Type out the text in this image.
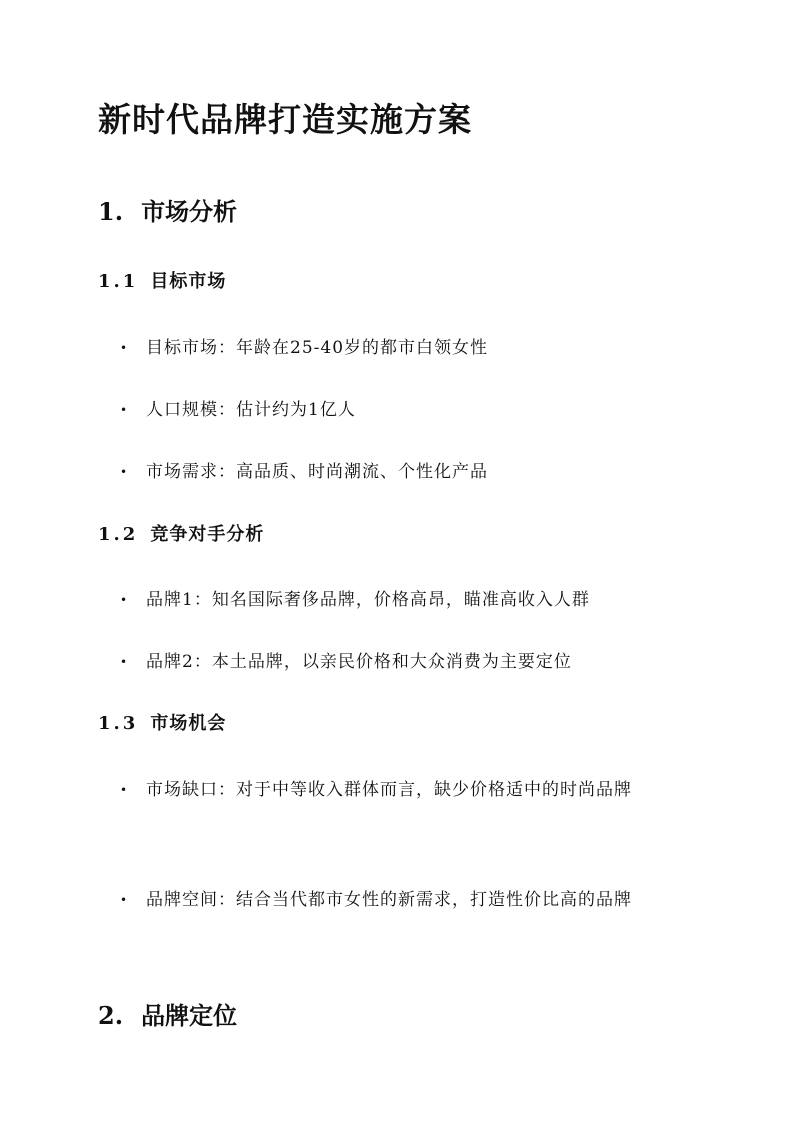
新时代品牌打造实施方案
1. 市场分析
1.1 目标市场
• 目标市场：年龄在25-40岁的都市白领女性
• 人口规模：估计约为1亿人
• 市场需求：高品质、时尚潮流、个性化产品
1.2 竞争对手分析
• 品牌1：知名国际奢侈品牌，价格高昂，瞄准高收入人群
• 品牌2：本土品牌，以亲民价格和大众消费为主要定位
1.3 市场机会
• 市场缺口：对于中等收入群体而言，缺少价格适中的时尚品牌
• 品牌空间：结合当代都市女性的新需求，打造性价比高的品牌
2. 品牌定位
